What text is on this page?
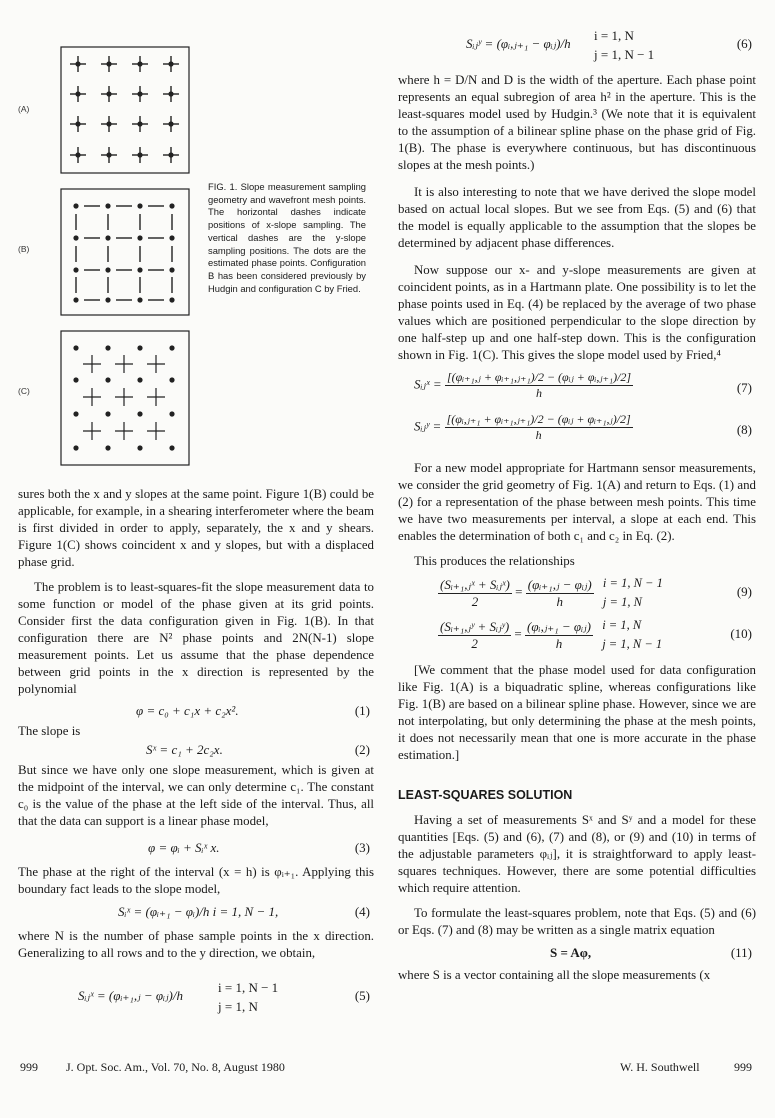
(A)
(B)
(C)
FIG. 1. Slope measurement sampling geometry and wavefront mesh points. The horizontal dashes indicate positions of x-slope sampling. The vertical dashes are the y-slope sampling positions. The dots are the estimated phase points. Configuration B has been considered previously by Hudgin and configuration C by Fried.

sures both the x and y slopes at the same point. Figure 1(B) could be applicable, for example, in a shearing interferometer where the beam is first divided in order to apply, separately, the x and y shears. Figure 1(C) shows coincident x and y slopes, but with a displaced phase grid.

The problem is to least-squares-fit the slope measurement data to some function or model of the phase given at its grid points. Consider first the data configuration given in Fig. 1(B). In that configuration there are N² phase points and 2N(N-1) slope measurement points. Let us assume that the phase dependence between grid points in the x direction is represented by the polynomial

φ = c₀ + c₁x + c₂x².	(1)

The slope is

Sˣ = c₁ + 2c₂x.	(2)

But since we have only one slope measurement, which is given at the midpoint of the interval, we can only determine c₁. The constant c₀ is the value of the phase at the left side of the interval. Thus, all that the data can support is a linear phase model,

φ = φᵢ + Sᵢˣ x.	(3)

The phase at the right of the interval (x = h) is φᵢ₊₁. Applying this boundary fact leads to the slope model,

Sᵢˣ = (φᵢ₊₁ − φᵢ)/h i = 1, N − 1,	(4)

where N is the number of phase sample points in the x direction. Generalizing to all rows and to the y direction, we obtain,

Sᵢⱼˣ = (φᵢ₊₁,ⱼ − φᵢⱼ)/h
i = 1, N − 1
j = 1, N
(5)
Sᵢⱼʸ = (φᵢ,ⱼ₊₁ − φᵢⱼ)/h
i = 1, N
j = 1, N − 1
(6)

where h = D/N and D is the width of the aperture. Each phase point represents an equal subregion of area h² in the aperture. This is the least-squares model used by Hudgin.³ (We note that it is equivalent to the assumption of a bilinear spline phase on the phase grid of Fig. 1(B). The phase is everywhere continuous, but has discontinuous slopes at the mesh points.)

It is also interesting to note that we have derived the slope model based on actual local slopes. But we see from Eqs. (5) and (6) that the model is equally applicable to the assumption that the slopes be determined by adjacent phase differences.

Now suppose our x- and y-slope measurements are given at coincident points, as in a Hartmann plate. One possibility is to let the phase points used in Eq. (4) be replaced by the average of two phase values which are positioned perpendicular to the slope direction by one half-step up and one half-step down. This is the configuration shown in Fig. 1(C). This gives the slope model used by Fried,⁴

Sᵢⱼˣ = $\frac{\text{[(φᵢ₊₁,ⱼ + φᵢ₊₁,ⱼ₊₁)/2 − (φᵢⱼ + φᵢ,ⱼ₊₁)/2]}}{h}$	(7)
Sᵢⱼʸ = $\frac{\text{[(φᵢ,ⱼ₊₁ + φᵢ₊₁,ⱼ₊₁)/2 − (φᵢⱼ + φᵢ₊₁,ⱼ)/2]}}{h}$	(8)

For a new model appropriate for Hartmann sensor measurements, we consider the grid geometry of Fig. 1(A) and return to Eqs. (1) and (2) for a representation of the phase between mesh points. This time we have two measurements per interval, a slope at each end. This enables the determination of both c₁ and c₂ in Eq. (2).

This produces the relationships

$\frac{\text{(Sᵢ₊₁,ⱼˣ + Sᵢⱼˣ)}}{2} = \frac{\text{(φᵢ₊₁,ⱼ − φᵢⱼ)}}{h}$
i = 1, N − 1
j = 1, N
(9)
$\frac{\text{(Sᵢ₊₁,ⱼʸ + Sᵢⱼʸ)}}{2} = \frac{\text{(φᵢ,ⱼ₊₁ − φᵢⱼ)}}{h}$
i = 1, N
j = 1, N − 1
(10)

[We comment that the phase model used for data configuration like Fig. 1(A) is a biquadratic spline, whereas configurations like Fig. 1(B) are based on a bilinear spline phase. However, since we are not interpolating, but only determining the phase at the mesh points, it does not necessarily mean that one is more accurate in the phase estimation.]

LEAST-SQUARES SOLUTION

Having a set of measurements Sˣ and Sʸ and a model for these quantities [Eqs. (5) and (6), (7) and (8), or (9) and (10) in terms of the adjustable parameters φᵢⱼ], it is straightforward to apply least-squares techniques. However, there are some potential difficulties which require attention.

To formulate the least-squares problem, note that Eqs. (5) and (6) or Eqs. (7) and (8) may be written as a single matrix equation

S = Aφ,	(11)

where S is a vector containing all the slope measurements (x

999 J. Opt. Soc. Am., Vol. 70, No. 8, August 1980	W. H. Southwell	999
